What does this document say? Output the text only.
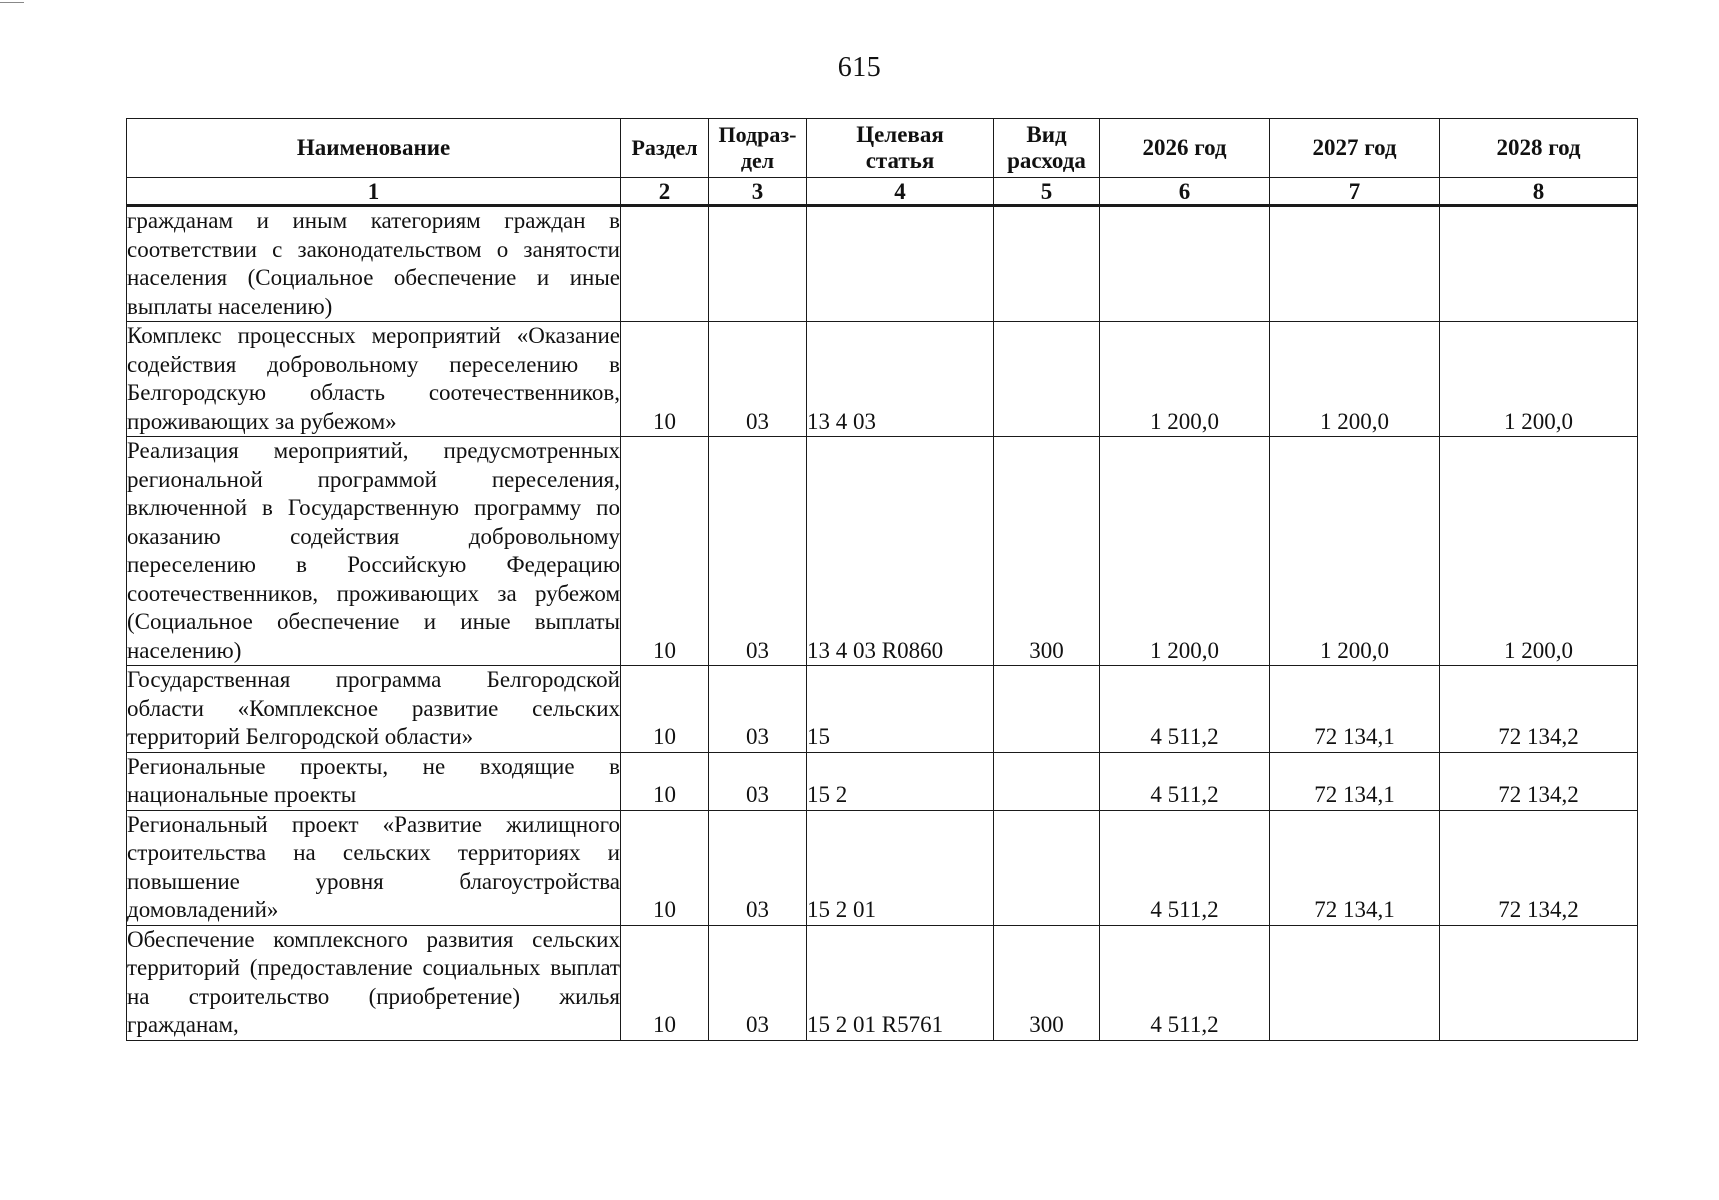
615
Наименование	Раздел	Подраз-дел	Целевая статья	Вид расхода	2026 год	2027 год	2028 год
1	2	3	4	5	6	7	8
гражданам и иным категориям граждан в соответствии с законодательством о занятости населения (Социальное обеспечение и иные выплаты населению)							
Комплекс процессных мероприятий «Оказание содействия добровольному переселению в Белгородскую область соотечественников, проживающих за рубежом»	10	03	13 4 03		1 200,0	1 200,0	1 200,0
Реализация мероприятий, предусмотренных региональной программой переселения, включенной в Государственную программу по оказанию содействия добровольному переселению в Российскую Федерацию соотечественников, проживающих за рубежом (Социальное обеспечение и иные выплаты населению)	10	03	13 4 03 R0860	300	1 200,0	1 200,0	1 200,0
Государственная программа Белгородской области «Комплексное развитие сельских территорий Белгородской области»	10	03	15		4 511,2	72 134,1	72 134,2
Региональные проекты, не входящие в национальные проекты	10	03	15 2		4 511,2	72 134,1	72 134,2
Региональный проект «Развитие жилищного строительства на сельских территориях и повышение уровня благоустройства домовладений»	10	03	15 2 01		4 511,2	72 134,1	72 134,2
Обеспечение комплексного развития сельских территорий (предоставление социальных выплат на строительство (приобретение) жилья гражданам,	10	03	15 2 01 R5761	300	4 511,2		
